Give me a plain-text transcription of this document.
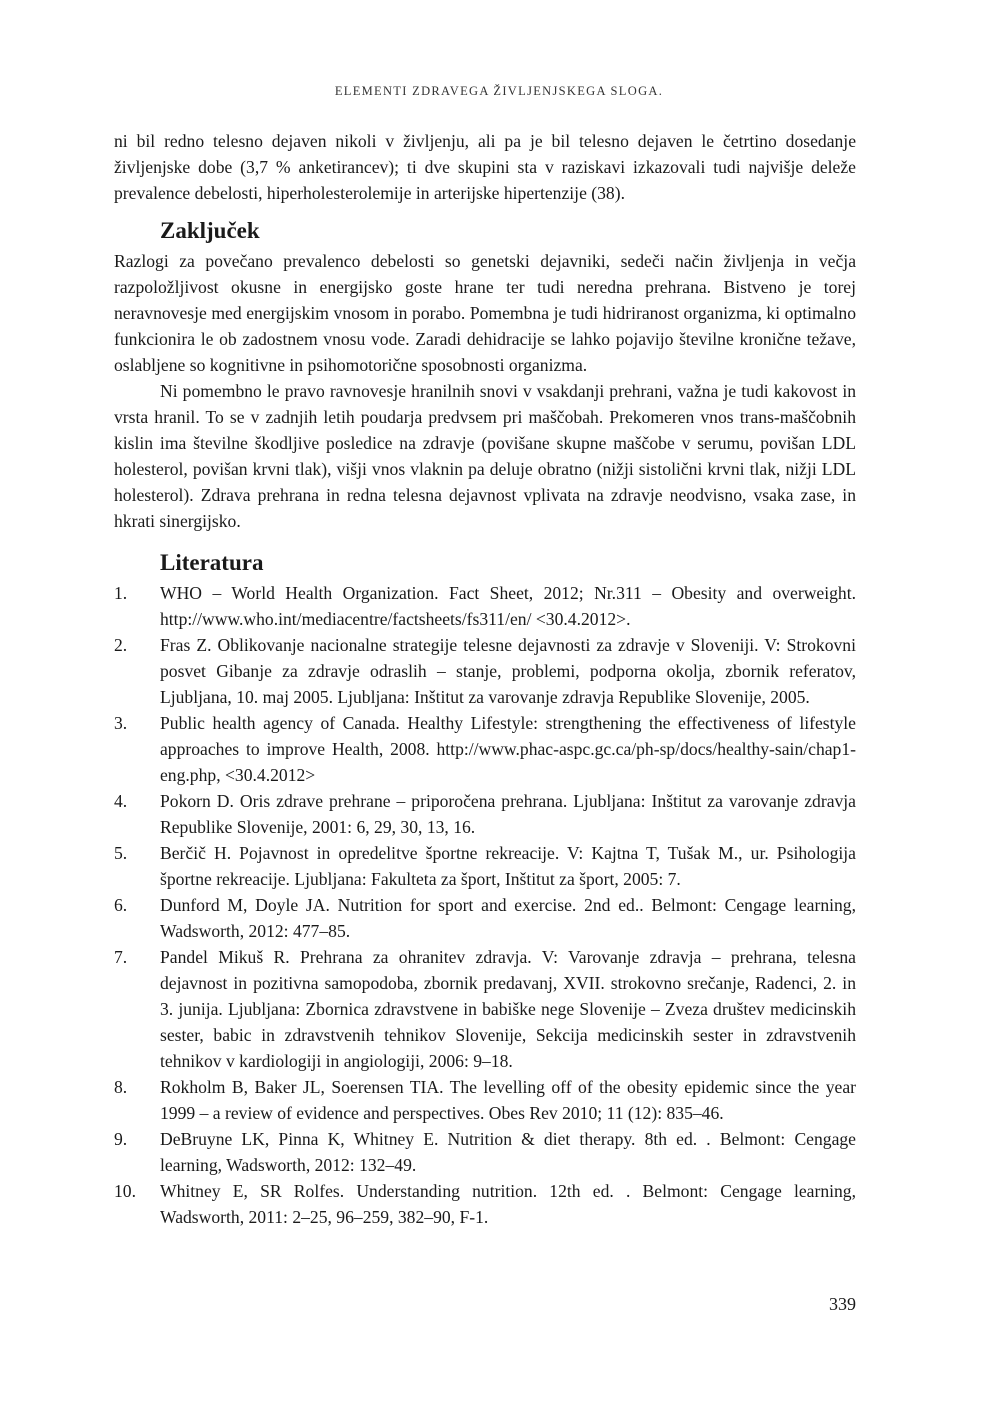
ELEMENTI ZDRAVEGA ŽIVLJENJSKEGA SLOGA.

ni bil redno telesno dejaven nikoli v življenju, ali pa je bil telesno dejaven le četrtino dosedanje življenjske dobe (3,7 % anketirancev); ti dve skupini sta v raziskavi izkazovali tudi najvišje deleže prevalence debelosti, hiperholesterolemije in arterijske hipertenzije (38).

Zaključek

Razlogi za povečano prevalenco debelosti so genetski dejavniki, sedeči način življenja in večja razpoložljivost okusne in energijsko goste hrane ter tudi neredna prehrana. Bistveno je torej neravnovesje med energijskim vnosom in porabo. Pomembna je tudi hidriranost organizma, ki optimalno funkcionira le ob zadostnem vnosu vode. Zaradi dehidracije se lahko pojavijo številne kronične težave, oslabljene so kognitivne in psihomotorične sposobnosti organizma.

Ni pomembno le pravo ravnovesje hranilnih snovi v vsakdanji prehrani, važna je tudi kakovost in vrsta hranil. To se v zadnjih letih poudarja predvsem pri maščobah. Prekomeren vnos trans-maščobnih kislin ima številne škodljive posledice na zdravje (povišane skupne maščobe v serumu, povišan LDL holesterol, povišan krvni tlak), višji vnos vlaknin pa deluje obratno (nižji sistolični krvni tlak, nižji LDL holesterol). Zdrava prehrana in redna telesna dejavnost vplivata na zdravje neodvisno, vsaka zase, in hkrati sinergijsko.

Literatura
1. WHO – World Health Organization. Fact Sheet, 2012; Nr.311 – Obesity and overweight. http://www.who.int/mediacentre/factsheets/fs311/en/ <30.4.2012>.
2. Fras Z. Oblikovanje nacionalne strategije telesne dejavnosti za zdravje v Sloveniji. V: Strokovni posvet Gibanje za zdravje odraslih – stanje, problemi, podporna okolja, zbornik referatov, Ljubljana, 10. maj 2005. Ljubljana: Inštitut za varovanje zdravja Republike Slovenije, 2005.
3. Public health agency of Canada. Healthy Lifestyle: strengthening the effectiveness of lifestyle approaches to improve Health, 2008. http://www.phac-aspc.gc.ca/ph-sp/docs/healthy-sain/chap1-eng.php, <30.4.2012>
4. Pokorn D. Oris zdrave prehrane – priporočena prehrana. Ljubljana: Inštitut za varovanje zdravja Republike Slovenije, 2001: 6, 29, 30, 13, 16.
5. Berčič H. Pojavnost in opredelitve športne rekreacije. V: Kajtna T, Tušak M., ur. Psihologija športne rekreacije. Ljubljana: Fakulteta za šport, Inštitut za šport, 2005: 7.
6. Dunford M, Doyle JA. Nutrition for sport and exercise. 2nd ed.. Belmont: Cengage learning, Wadsworth, 2012: 477–85.
7. Pandel Mikuš R. Prehrana za ohranitev zdravja. V: Varovanje zdravja – prehrana, telesna dejavnost in pozitivna samopodoba, zbornik predavanj, XVII. strokovno srečanje, Radenci, 2. in 3. junija. Ljubljana: Zbornica zdravstvene in babiške nege Slovenije – Zveza društev medicinskih sester, babic in zdravstvenih tehnikov Slovenije, Sekcija medicinskih sester in zdravstvenih tehnikov v kardiologiji in angiologiji, 2006: 9–18.
8. Rokholm B, Baker JL, Soerensen TIA. The levelling off of the obesity epidemic since the year 1999 – a review of evidence and perspectives. Obes Rev 2010; 11 (12): 835–46.
9. DeBruyne LK, Pinna K, Whitney E. Nutrition & diet therapy. 8th ed. . Belmont: Cengage learning, Wadsworth, 2012: 132–49.
10. Whitney E, SR Rolfes. Understanding nutrition. 12th ed. . Belmont: Cengage learning, Wadsworth, 2011: 2–25, 96–259, 382–90, F-1.
339
